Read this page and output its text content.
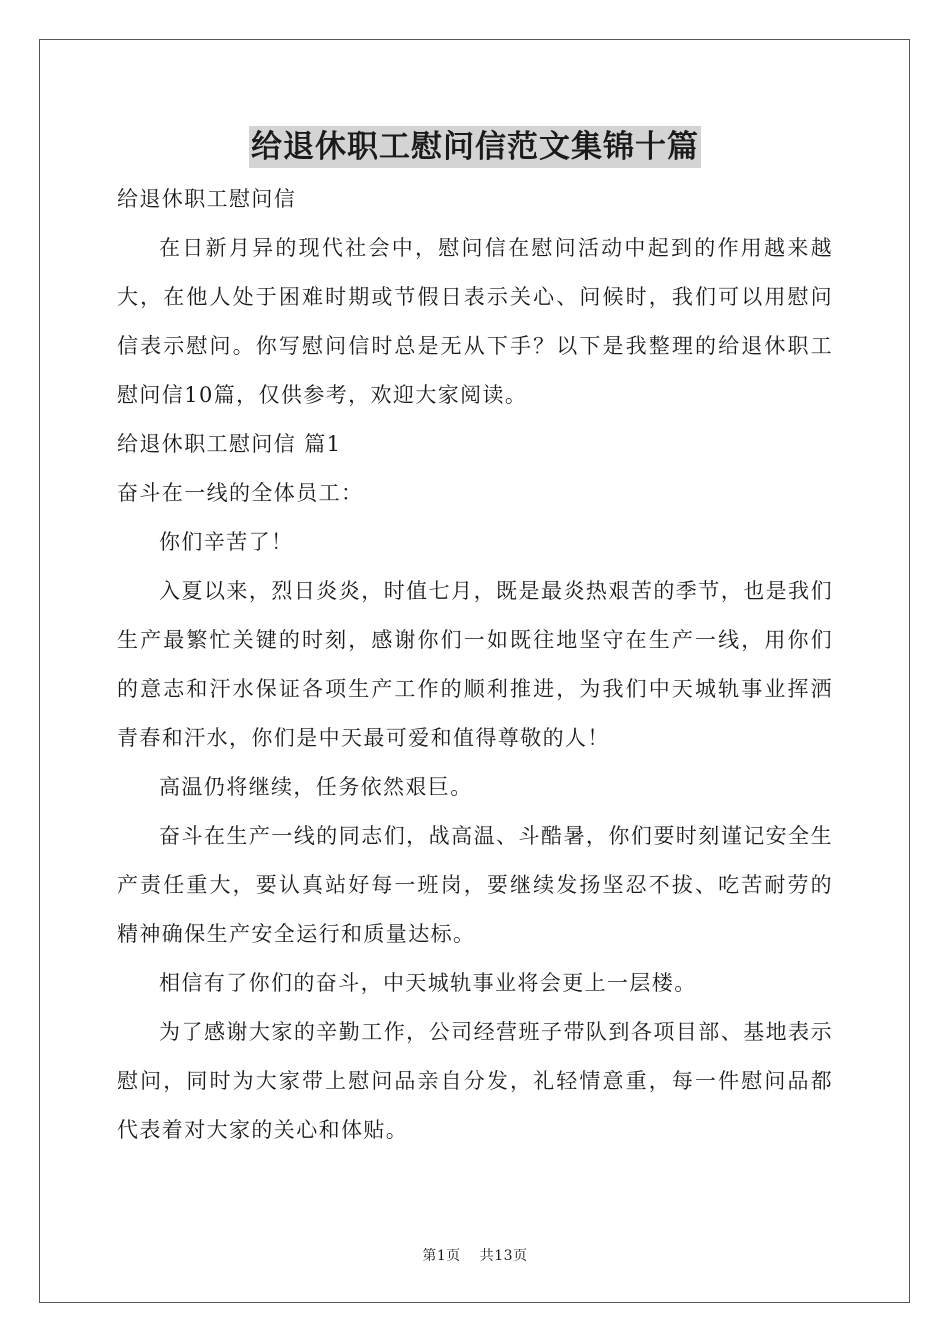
给退休职工慰问信范文集锦十篇

给退休职工慰问信

在日新月异的现代社会中，慰问信在慰问活动中起到的作用越来越大，在他人处于困难时期或节假日表示关心、问候时，我们可以用慰问信表示慰问。你写慰问信时总是无从下手？以下是我整理的给退休职工慰问信10篇，仅供参考，欢迎大家阅读。

给退休职工慰问信 篇1

奋斗在一线的全体员工：

你们辛苦了！

入夏以来，烈日炎炎，时值七月，既是最炎热艰苦的季节，也是我们生产最繁忙关键的时刻，感谢你们一如既往地坚守在生产一线，用你们的意志和汗水保证各项生产工作的顺利推进，为我们中天城轨事业挥洒青春和汗水，你们是中天最可爱和值得尊敬的人！

高温仍将继续，任务依然艰巨。

奋斗在生产一线的同志们，战高温、斗酷暑，你们要时刻谨记安全生产责任重大，要认真站好每一班岗，要继续发扬坚忍不拔、吃苦耐劳的精神确保生产安全运行和质量达标。

相信有了你们的奋斗，中天城轨事业将会更上一层楼。

为了感谢大家的辛勤工作，公司经营班子带队到各项目部、基地表示慰问，同时为大家带上慰问品亲自分发，礼轻情意重，每一件慰问品都代表着对大家的关心和体贴。

第1页 共13页
